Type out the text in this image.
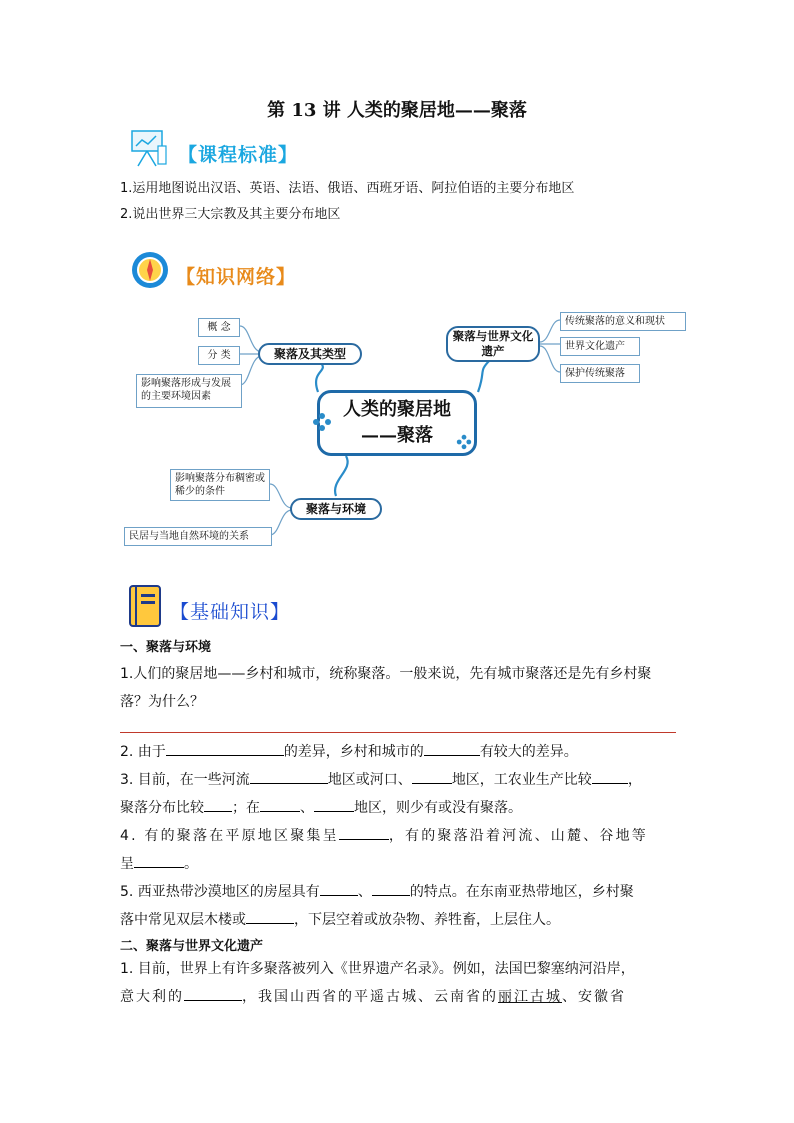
第 13 讲 人类的聚居地——聚落
【课程标准】
1.运用地图说出汉语、英语、法语、俄语、西班牙语、阿拉伯语的主要分布地区
2.说出世界三大宗教及其主要分布地区
【知识网络】
概 念
分 类
影响聚落形成与发展的主要环境因素
聚落及其类型
聚落与世界文化遗产
传统聚落的意义和现状
世界文化遗产
保护传统聚落
人类的聚居地
——聚落
影响聚落分布稠密或稀少的条件
民居与当地自然环境的关系
聚落与环境
【基础知识】
一、聚落与环境
1.人们的聚居地——乡村和城市，统称聚落。一般来说，先有城市聚落还是先有乡村聚落？为什么？
2. 由于	的差异，乡村和城市的	有较大的差异。
3. 目前，在一些河流	地区或河口、	地区，工农业生产比较	，
聚落分布比较 ；在	、	地区，则少有或没有聚落。
4. 有的聚落在平原地区聚集呈	，有的聚落沿着河流、山麓、谷地等
呈	。
5. 西亚热带沙漠地区的房屋具有	、	的特点。在东南亚热带地区，乡村聚
落中常见双层木楼或	，下层空着或放杂物、养牲畜，上层住人。
二、聚落与世界文化遗产
1. 目前，世界上有许多聚落被列入《世界遗产名录》。例如，法国巴黎塞纳河沿岸，
意大利的	，我国山西省的平遥古城、云南省的丽江古城、安徽省
